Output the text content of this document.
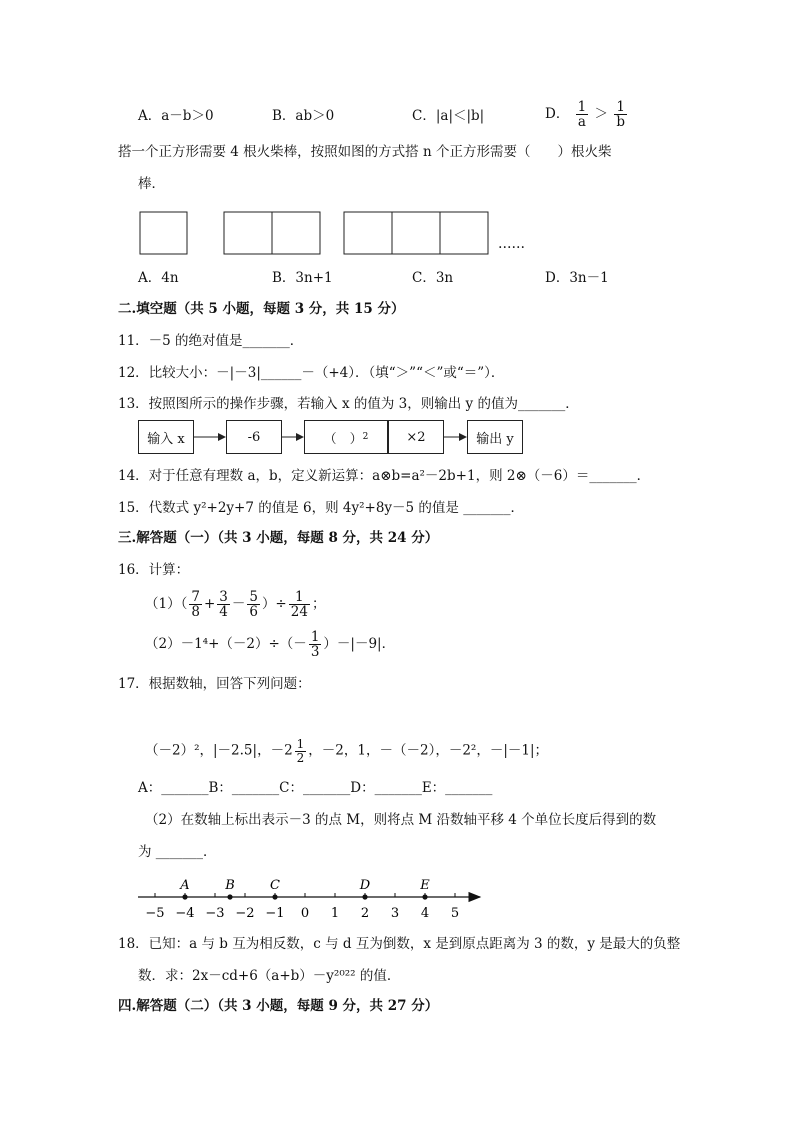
A．a－b＞0	B．ab＞0	C．|a|＜|b|	D． $\frac{1}{a} > \frac{1}{b}$
搭一个正方形需要 4 根火柴棒，按照如图的方式搭 n 个正方形需要（　　）根火柴
棒．
……
A．4n	B．3n+1	C．3n	D．3n－1
二.填空题（共 5 小题，每题 3 分，共 15 分）
11．－5 的绝对值是_______．
12．比较大小：－|－3|______－（+4）．（填“＞”“＜”或“＝”）．
13．按照图所示的操作步骤，若输入 x 的值为 3，则输出 y 的值为_______．
输入 x	-6	（　） 2	×2	输出 y
14．对于任意有理数 a，b，定义新运算：a⊗b=a²－2b+1，则 2⊗（－6）＝_______．
15．代数式 y²+2y+7 的值是 6，则 4y²+8y－5 的值是 _______．
三.解答题（一）（共 3 小题，每题 8 分，共 24 分）
16．计算：
$(1)( \frac{7}{8} + \frac{3}{4} - \frac{5}{6}$ ）÷ $\frac{1}{24}$ ；
$(2)-1^4+(-2)\div(- \frac{1}{3} )-|-9|$．
17．根据数轴，回答下列问题：
（－2）²，|－2.5|，$-2 \frac{1}{2}$ ，－2，1，－（－2），－2²，－|－1|；
A：_______B：_______C：_______D：_______E：_______
（2）在数轴上标出表示－3 的点 M，则将点 M 沿数轴平移 4 个单位长度后得到的数
为 _______．
−5 −4 −3 −2 −1 0 1 2 3 4 5
A	B	C	D	E
18．已知：a 与 b 互为相反数，c 与 d 互为倒数，x 是到原点距离为 3 的数，y 是最大的负整
数．求：2x－cd+6（a+b）－y²⁰²² 的值．
四.解答题（二）（共 3 小题，每题 9 分，共 27 分）
